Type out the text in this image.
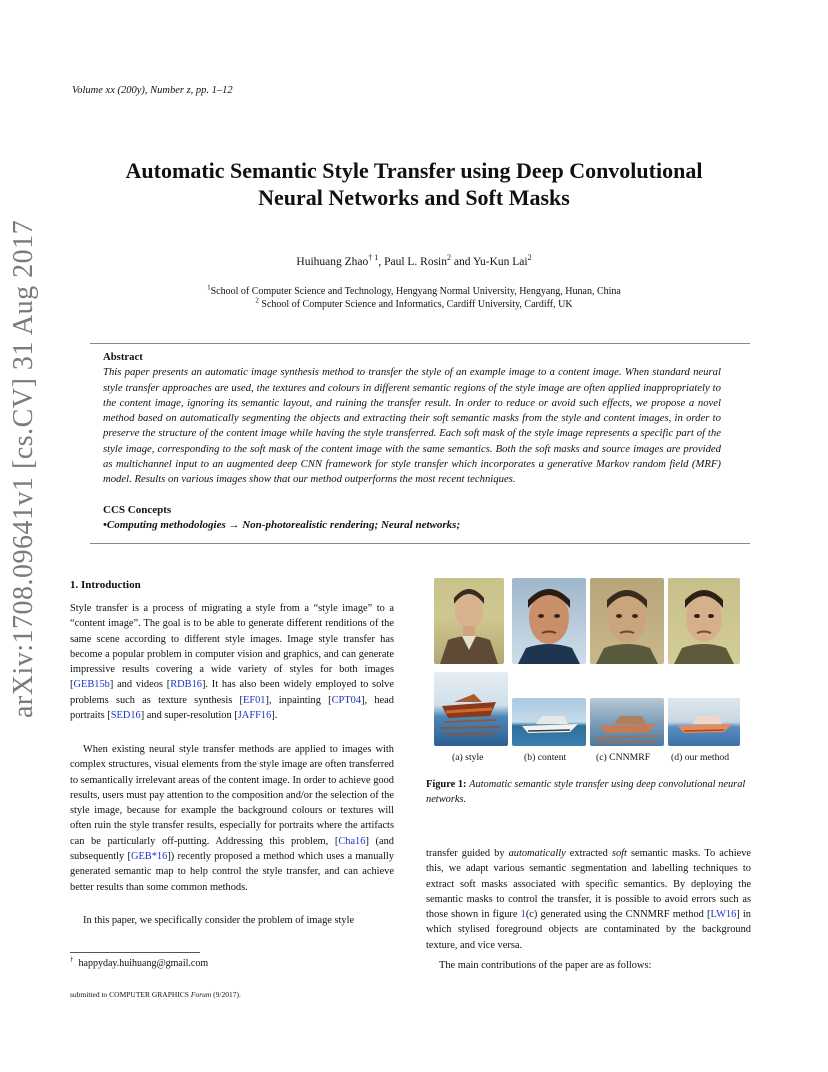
Volume xx (200y), Number z, pp. 1–12
arXiv:1708.09641v1 [cs.CV] 31 Aug 2017
Automatic Semantic Style Transfer using Deep Convolutional
Neural Networks and Soft Masks
Huihuang Zhao$^{\dagger 1}$, Paul L. Rosin$^2$ and Yu-Kun Lai$^2$
$^1$School of Computer Science and Technology, Hengyang Normal University, Hengyang, Hunan, China
$^2$ School of Computer Science and Informatics, Cardiff University, Cardiff, UK
Abstract
This paper presents an automatic image synthesis method to transfer the style of an example image to a content image. When standard neural style transfer approaches are used, the textures and colours in different semantic regions of the style image are often applied inappropriately to the content image, ignoring its semantic layout, and ruining the transfer result. In order to reduce or avoid such effects, we propose a novel method based on automatically segmenting the objects and extracting their soft semantic masks from the style and content images, in order to preserve the structure of the content image while having the style transferred. Each soft mask of the style image represents a specific part of the style image, corresponding to the soft mask of the content image with the same semantics. Both the soft masks and source images are provided as multichannel input to an augmented deep CNN framework for style transfer which incorporates a generative Markov random field (MRF) model. Results on various images show that our method outperforms the most recent techniques.
CCS Concepts
•Computing methodologies → Non-photorealistic rendering; Neural networks;
1. Introduction

Style transfer is a process of migrating a style from a “style image” to a “content image”. The goal is to be able to generate different renditions of the same scene according to different style images. Image style transfer has become a popular problem in computer vision and graphics, and can generate impressive results covering a wide variety of styles for both images [GEB15b] and videos [RDB16]. It has also been widely employed to solve problems such as texture synthesis [EF01], inpainting [CPT04], head portraits [SED16] and super-resolution [JAFF16].

When existing neural style transfer methods are applied to images with complex structures, visual elements from the style image are often transferred to semantically irrelevant areas of the content image. In order to achieve good results, users must pay attention to the composition and/or the selection of the style image, because for example the background colours or textures will often ruin the style transfer results, especially for portraits where the artifacts can be particularly off-putting. Addressing this problem, [Cha16] (and subsequently [GEB*16]) recently proposed a method which uses a manually generated semantic map to help control the style transfer, and can achieve better results than some common methods.

In this paper, we specifically consider the problem of image style

(a) style	(b) content	(c) CNNMRF (d) our method
Figure 1: Automatic semantic style transfer using deep convolutional neural networks.

transfer guided by automatically extracted soft semantic masks. To achieve this, we adapt various semantic segmentation and labelling techniques to extract soft masks associated with specific semantics. By deploying the semantic masks to control the transfer, it is possible to avoid errors such as those shown in figure 1(c) generated using the CNNMRF method [LW16] in which stylised foreground objects are contaminated by the background texture, and vice versa.

The main contributions of the paper are as follows:

† happyday.huihuang@gmail.com
submitted to COMPUTER GRAPHICS Forum (9/2017).
